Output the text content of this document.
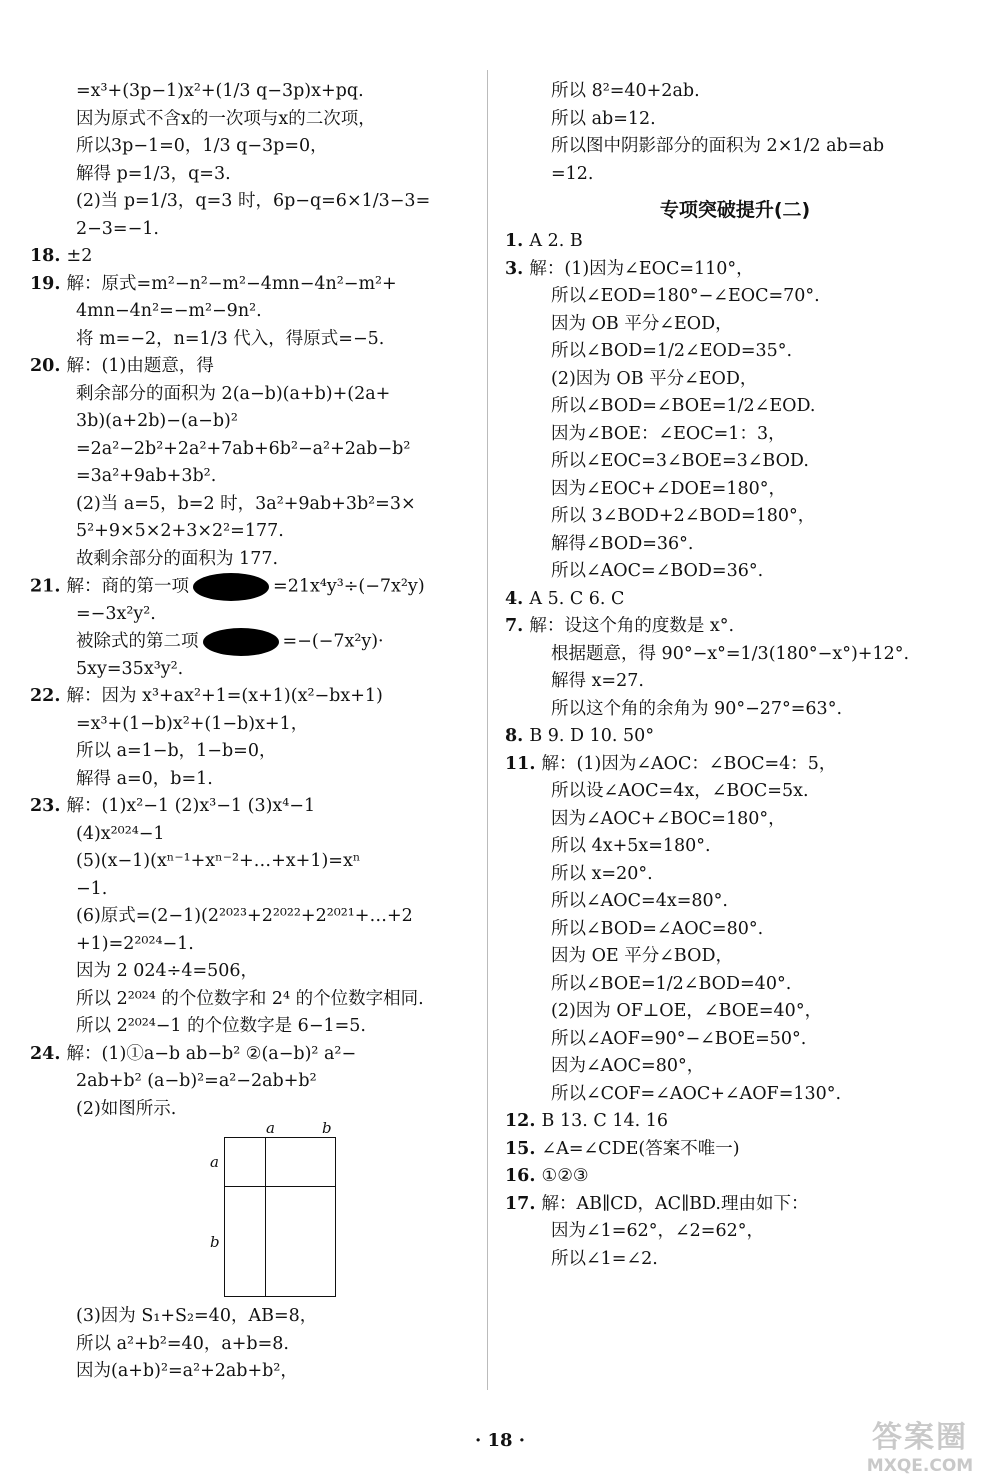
=x³+(3p−1)x²+(1/3 q−3p)x+pq.
因为原式不含x的一次项与x的二次项，
所以3p−1=0，1/3 q−3p=0，
解得 p=1/3，q=3.
(2)当 p=1/3，q=3 时，6p−q=6×1/3−3=
2−3=−1.
18. ±2
19. 解：原式=m²−n²−m²−4mn−4n²−m²+
4mn−4n²=−m²−9n².
将 m=−2，n=1/3 代入，得原式=−5.
20. 解：(1)由题意，得
剩余部分的面积为 2(a−b)(a+b)+(2a+
3b)(a+2b)−(a−b)²
=2a²−2b²+2a²+7ab+6b²−a²+2ab−b²
=3a²+9ab+3b².
(2)当 a=5，b=2 时，3a²+9ab+3b²=3×
5²+9×5×2+3×2²=177.
故剩余部分的面积为 177.
21. 解：商的第一项	=21x⁴y³÷(−7x²y)
=−3x²y².
被除式的第二项	=−(−7x²y)·
5xy=35x³y².
22. 解：因为 x³+ax²+1=(x+1)(x²−bx+1)
=x³+(1−b)x²+(1−b)x+1，
所以 a=1−b，1−b=0，
解得 a=0，b=1.
23. 解：(1)x²−1 (2)x³−1 (3)x⁴−1
(4)x²⁰²⁴−1
(5)(x−1)(xⁿ⁻¹+xⁿ⁻²+…+x+1)=xⁿ
−1.
(6)原式=(2−1)(2²⁰²³+2²⁰²²+2²⁰²¹+…+2
+1)=2²⁰²⁴−1.
因为 2 024÷4=506，
所以 2²⁰²⁴ 的个位数字和 2⁴ 的个位数字相同.
所以 2²⁰²⁴−1 的个位数字是 6−1=5.
24. 解：(1)①a−b ab−b² ②(a−b)² a²−
2ab+b² (a−b)²=a²−2ab+b²
(2)如图所示.
a	b
a
b
(3)因为 S₁+S₂=40，AB=8，
所以 a²+b²=40，a+b=8.
因为(a+b)²=a²+2ab+b²，
所以 8²=40+2ab.
所以 ab=12.
所以图中阴影部分的面积为 2×1/2 ab=ab
=12.
专项突破提升(二)
1. A 2. B
3. 解：(1)因为∠EOC=110°，
所以∠EOD=180°−∠EOC=70°.
因为 OB 平分∠EOD，
所以∠BOD=1/2∠EOD=35°.
(2)因为 OB 平分∠EOD，
所以∠BOD=∠BOE=1/2∠EOD.
因为∠BOE：∠EOC=1：3，
所以∠EOC=3∠BOE=3∠BOD.
因为∠EOC+∠DOE=180°，
所以 3∠BOD+2∠BOD=180°，
解得∠BOD=36°.
所以∠AOC=∠BOD=36°.
4. A 5. C 6. C
7. 解：设这个角的度数是 x°.
根据题意，得 90°−x°=1/3(180°−x°)+12°.
解得 x=27.
所以这个角的余角为 90°−27°=63°.
8. B 9. D 10. 50°
11. 解：(1)因为∠AOC：∠BOC=4：5，
所以设∠AOC=4x，∠BOC=5x.
因为∠AOC+∠BOC=180°，
所以 4x+5x=180°.
所以 x=20°.
所以∠AOC=4x=80°.
所以∠BOD=∠AOC=80°.
因为 OE 平分∠BOD，
所以∠BOE=1/2∠BOD=40°.
(2)因为 OF⊥OE，∠BOE=40°，
所以∠AOF=90°−∠BOE=50°.
因为∠AOC=80°，
所以∠COF=∠AOC+∠AOF=130°.
12. B 13. C 14. 16
15. ∠A=∠CDE(答案不唯一)
16. ①②③
17. 解：AB∥CD，AC∥BD.理由如下：
因为∠1=62°，∠2=62°，
所以∠1=∠2.
· 18 ·	答案圈
MXQE.COM
